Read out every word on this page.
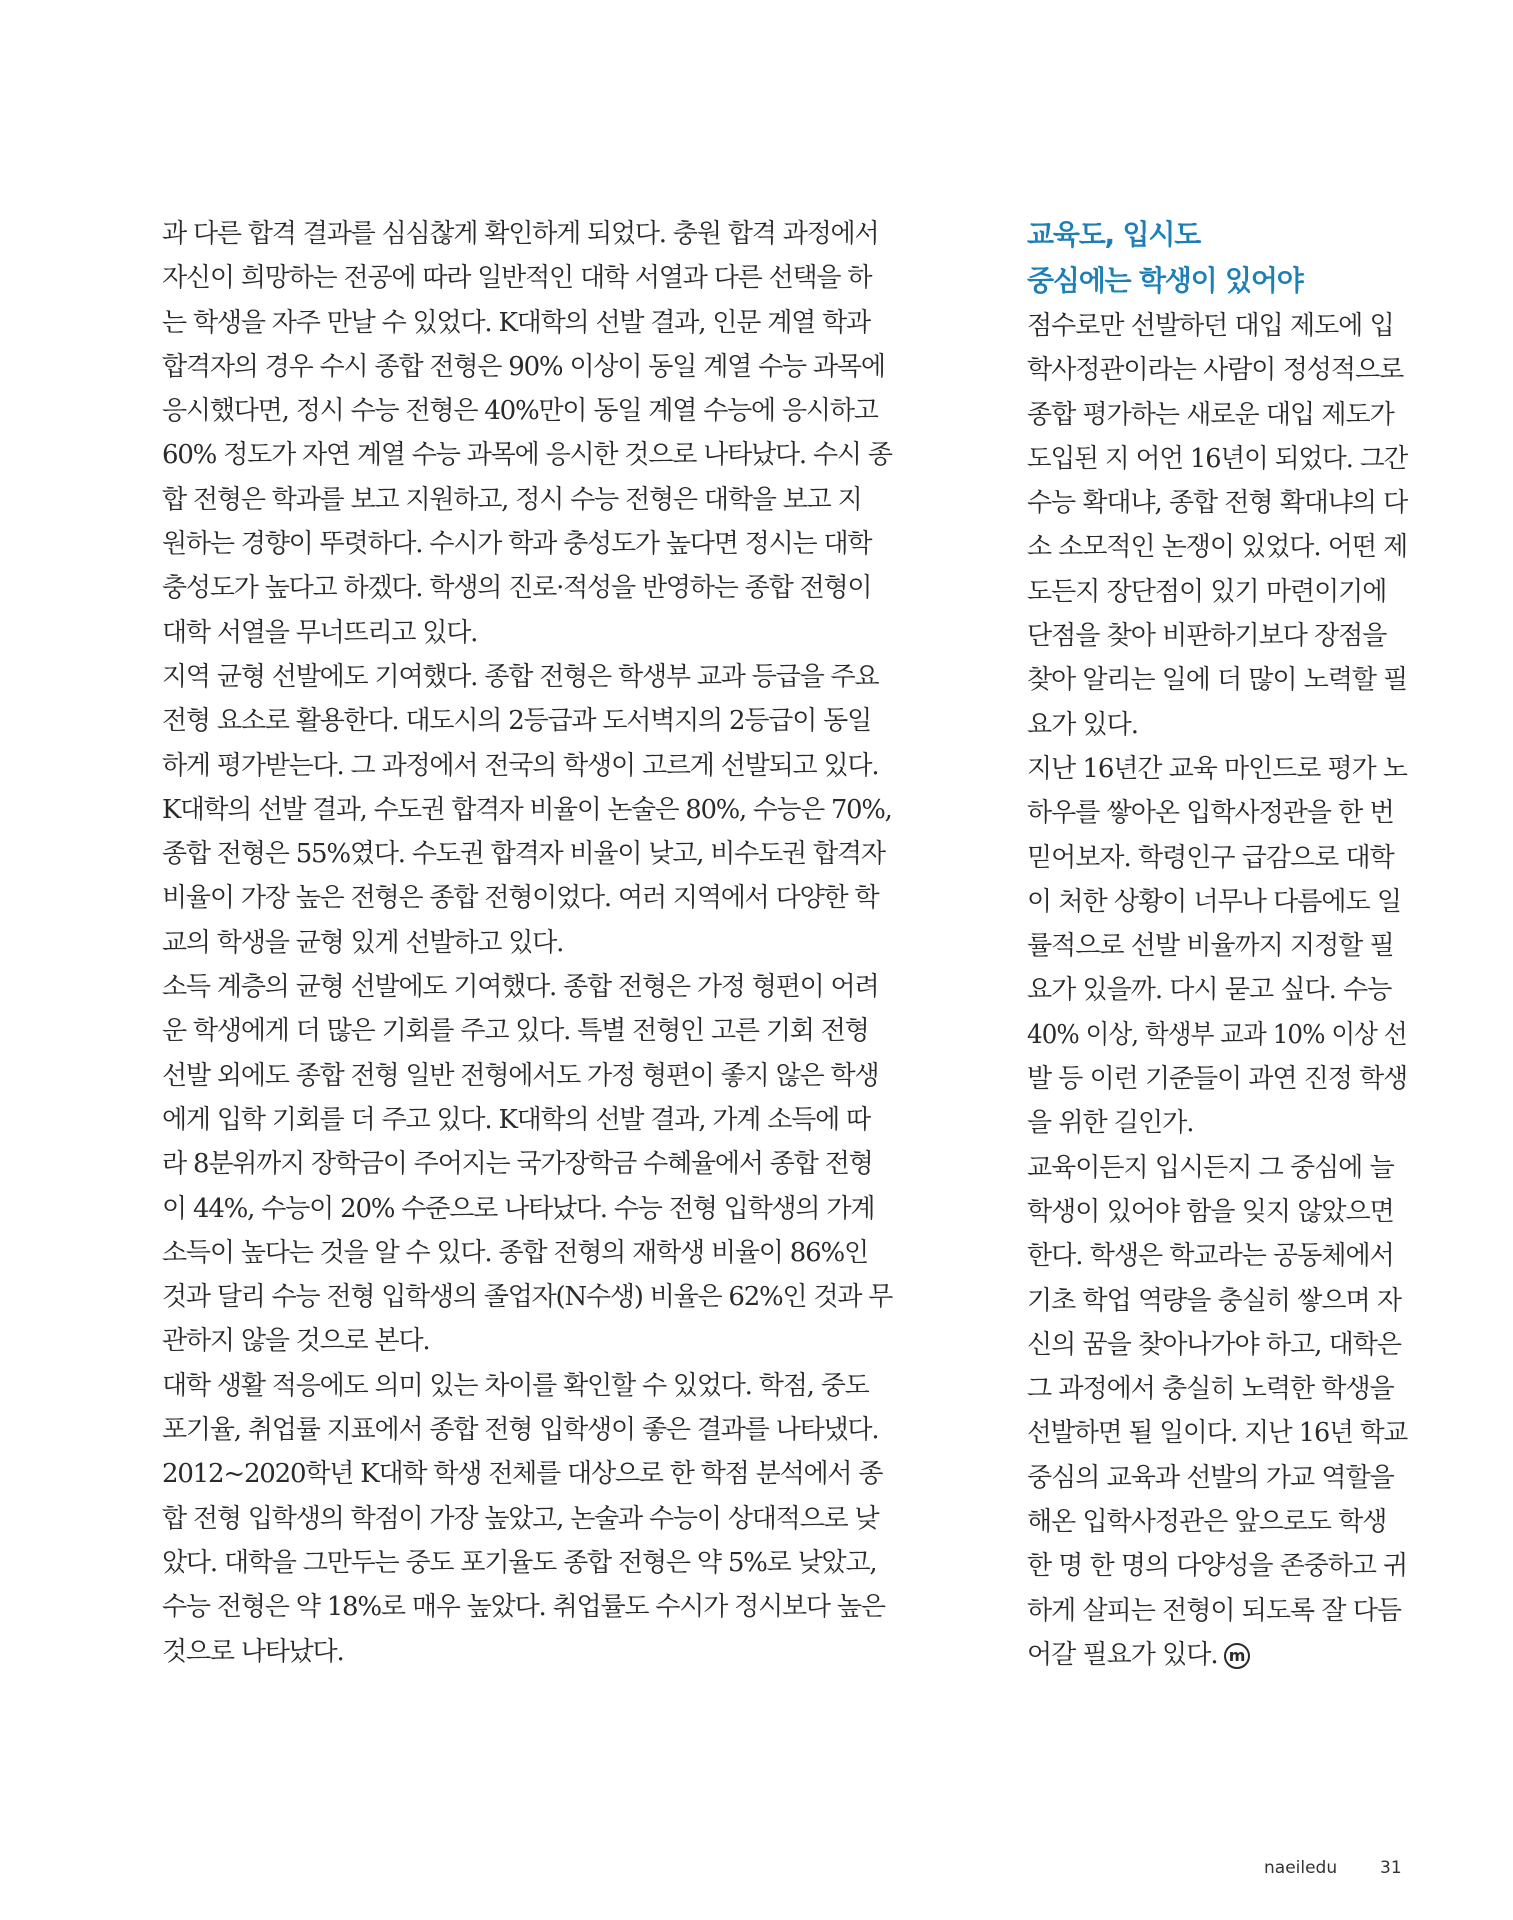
과 다른 합격 결과를 심심찮게 확인하게 되었다. 충원 합격 과정에서
자신이 희망하는 전공에 따라 일반적인 대학 서열과 다른 선택을 하
는 학생을 자주 만날 수 있었다. K대학의 선발 결과, 인문 계열 학과
합격자의 경우 수시 종합 전형은 90% 이상이 동일 계열 수능 과목에
응시했다면, 정시 수능 전형은 40%만이 동일 계열 수능에 응시하고
60% 정도가 자연 계열 수능 과목에 응시한 것으로 나타났다. 수시 종
합 전형은 학과를 보고 지원하고, 정시 수능 전형은 대학을 보고 지
원하는 경향이 뚜렷하다. 수시가 학과 충성도가 높다면 정시는 대학
충성도가 높다고 하겠다. 학생의 진로·적성을 반영하는 종합 전형이
대학 서열을 무너뜨리고 있다.
지역 균형 선발에도 기여했다. 종합 전형은 학생부 교과 등급을 주요
전형 요소로 활용한다. 대도시의 2등급과 도서벽지의 2등급이 동일
하게 평가받는다. 그 과정에서 전국의 학생이 고르게 선발되고 있다.
K대학의 선발 결과, 수도권 합격자 비율이 논술은 80%, 수능은 70%,
종합 전형은 55%였다. 수도권 합격자 비율이 낮고, 비수도권 합격자
비율이 가장 높은 전형은 종합 전형이었다. 여러 지역에서 다양한 학
교의 학생을 균형 있게 선발하고 있다.
소득 계층의 균형 선발에도 기여했다. 종합 전형은 가정 형편이 어려
운 학생에게 더 많은 기회를 주고 있다. 특별 전형인 고른 기회 전형
선발 외에도 종합 전형 일반 전형에서도 가정 형편이 좋지 않은 학생
에게 입학 기회를 더 주고 있다. K대학의 선발 결과, 가계 소득에 따
라 8분위까지 장학금이 주어지는 국가장학금 수혜율에서 종합 전형
이 44%, 수능이 20% 수준으로 나타났다. 수능 전형 입학생의 가계
소득이 높다는 것을 알 수 있다. 종합 전형의 재학생 비율이 86%인
것과 달리 수능 전형 입학생의 졸업자(N수생) 비율은 62%인 것과 무
관하지 않을 것으로 본다.
대학 생활 적응에도 의미 있는 차이를 확인할 수 있었다. 학점, 중도
포기율, 취업률 지표에서 종합 전형 입학생이 좋은 결과를 나타냈다.
2012~2020학년 K대학 학생 전체를 대상으로 한 학점 분석에서 종
합 전형 입학생의 학점이 가장 높았고, 논술과 수능이 상대적으로 낮
았다. 대학을 그만두는 중도 포기율도 종합 전형은 약 5%로 낮았고,
수능 전형은 약 18%로 매우 높았다. 취업률도 수시가 정시보다 높은
것으로 나타났다.
교육도, 입시도
중심에는 학생이 있어야
점수로만 선발하던 대입 제도에 입
학사정관이라는 사람이 정성적으로
종합 평가하는 새로운 대입 제도가
도입된 지 어언 16년이 되었다. 그간
수능 확대냐, 종합 전형 확대냐의 다
소 소모적인 논쟁이 있었다. 어떤 제
도든지 장단점이 있기 마련이기에
단점을 찾아 비판하기보다 장점을
찾아 알리는 일에 더 많이 노력할 필
요가 있다.
지난 16년간 교육 마인드로 평가 노
하우를 쌓아온 입학사정관을 한 번
믿어보자. 학령인구 급감으로 대학
이 처한 상황이 너무나 다름에도 일
률적으로 선발 비율까지 지정할 필
요가 있을까. 다시 묻고 싶다. 수능
40% 이상, 학생부 교과 10% 이상 선
발 등 이런 기준들이 과연 진정 학생
을 위한 길인가.
교육이든지 입시든지 그 중심에 늘
학생이 있어야 함을 잊지 않았으면
한다. 학생은 학교라는 공동체에서
기초 학업 역량을 충실히 쌓으며 자
신의 꿈을 찾아나가야 하고, 대학은
그 과정에서 충실히 노력한 학생을
선발하면 될 일이다. 지난 16년 학교
중심의 교육과 선발의 가교 역할을
해온 입학사정관은 앞으로도 학생
한 명 한 명의 다양성을 존중하고 귀
하게 살피는 전형이 되도록 잘 다듬
어갈 필요가 있다. m
naeiledu	31
